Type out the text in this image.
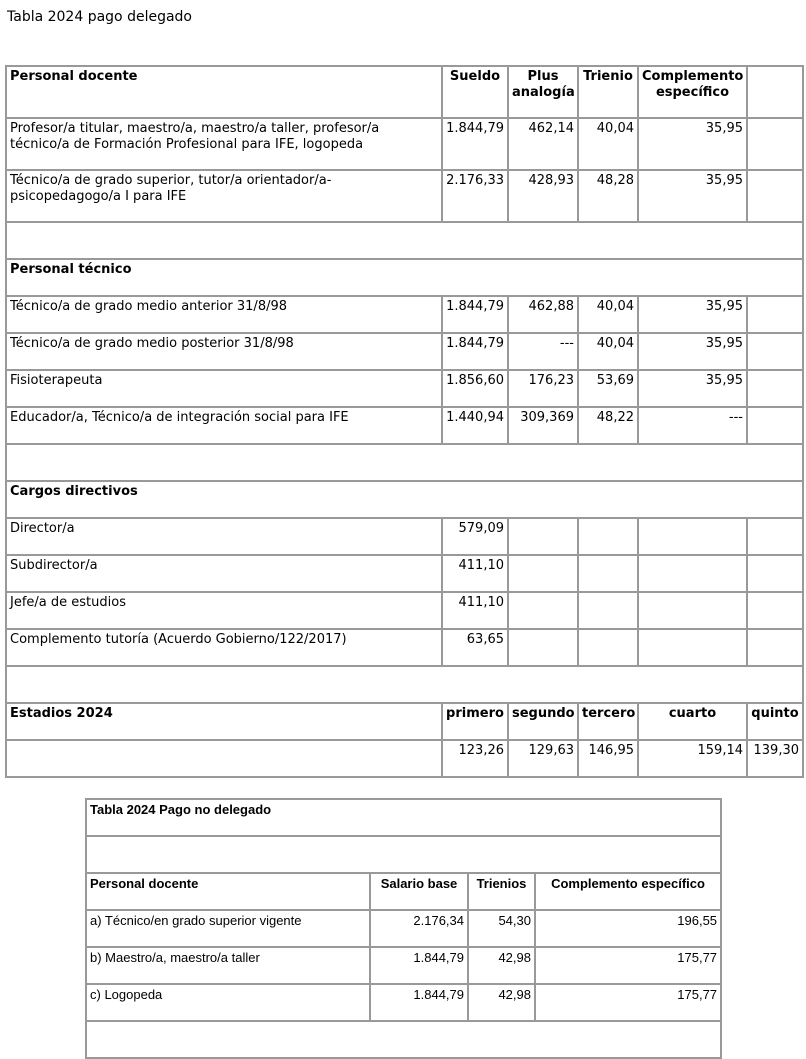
Tabla 2024 pago delegado
Personal docente	Sueldo	Plus analogía	Trienio	Complemento específico	
Profesor/a titular, maestro/a, maestro/a taller, profesor/a técnico/a de Formación Profesional para IFE, logopeda	1.844,79	462,14	40,04	35,95	
Técnico/a de grado superior, tutor/a orientador/a-psicopedagogo/a I para IFE	2.176,33	428,93	48,28	35,95	

Personal técnico					
Técnico/a de grado medio anterior 31/8/98	1.844,79	462,88	40,04	35,95	
Técnico/a de grado medio posterior 31/8/98	1.844,79	---	40,04	35,95	
Fisioterapeuta	1.856,60	176,23	53,69	35,95	
Educador/a, Técnico/a de integración social para IFE	1.440,94	309,369	48,22	---	

Cargos directivos					
Director/a	579,09				
Subdirector/a	411,10				
Jefe/a de estudios	411,10				
Complemento tutoría (Acuerdo Gobierno/122/2017)	63,65				

Estadios 2024	primero	segundo	tercero	cuarto	quinto
	123,26	129,63	146,95	159,14	139,30
Tabla 2024 Pago no delegado			

Personal docente	Salario base	Trienios	Complemento específico
a) Técnico/en grado superior vigente	2.176,34	54,30	196,55
b) Maestro/a, maestro/a taller	1.844,79	42,98	175,77
c) Logopeda	1.844,79	42,98	175,77
